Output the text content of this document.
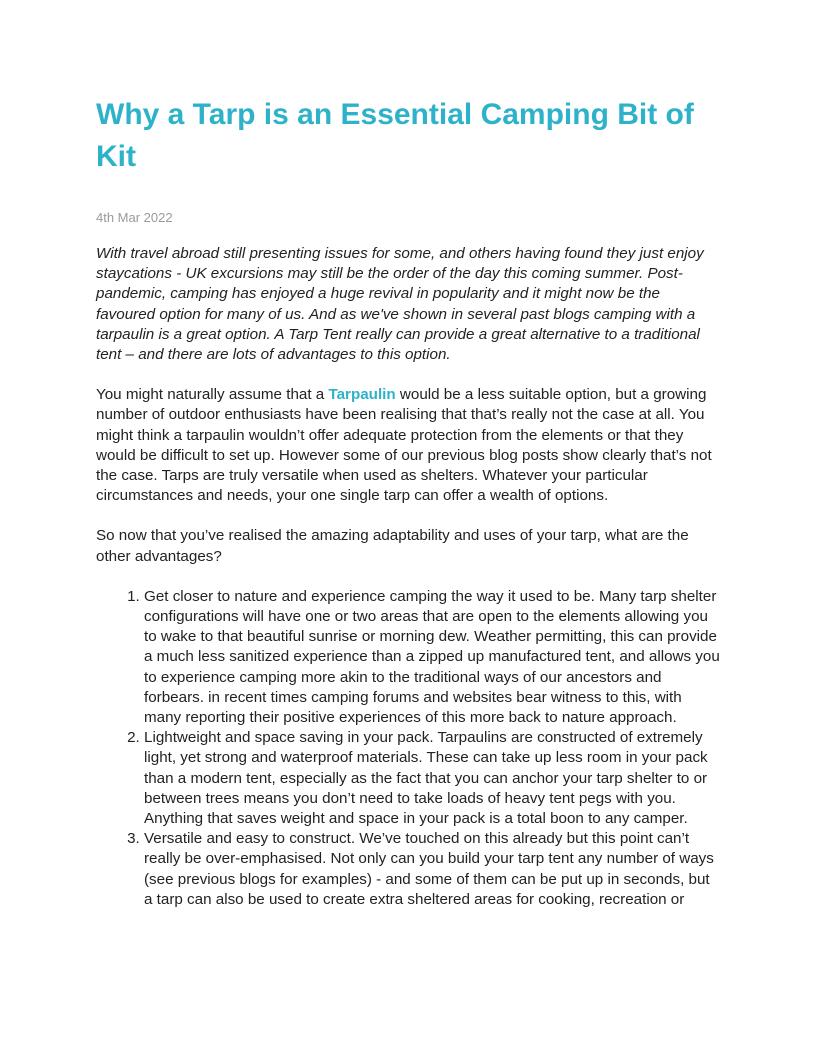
Why a Tarp is an Essential Camping Bit of Kit
4th Mar 2022

With travel abroad still presenting issues for some, and others having found they just enjoy staycations - UK excursions may still be the order of the day this coming summer. Post-pandemic, camping has enjoyed a huge revival in popularity and it might now be the favoured option for many of us. And as we've shown in several past blogs camping with a tarpaulin is a great option. A Tarp Tent really can provide a great alternative to a traditional tent – and there are lots of advantages to this option.

You might naturally assume that a Tarpaulin would be a less suitable option, but a growing number of outdoor enthusiasts have been realising that that’s really not the case at all. You might think a tarpaulin wouldn’t offer adequate protection from the elements or that they would be difficult to set up. However some of our previous blog posts show clearly that’s not the case. Tarps are truly versatile when used as shelters. Whatever your particular circumstances and needs, your one single tarp can offer a wealth of options.

So now that you’ve realised the amazing adaptability and uses of your tarp, what are the other advantages?

1. Get closer to nature and experience camping the way it used to be. Many tarp shelter configurations will have one or two areas that are open to the elements allowing you to wake to that beautiful sunrise or morning dew. Weather permitting, this can provide a much less sanitized experience than a zipped up manufactured tent, and allows you to experience camping more akin to the traditional ways of our ancestors and forbears. in recent times camping forums and websites bear witness to this, with many reporting their positive experiences of this more back to nature approach.
2. Lightweight and space saving in your pack. Tarpaulins are constructed of extremely light, yet strong and waterproof materials. These can take up less room in your pack than a modern tent, especially as the fact that you can anchor your tarp shelter to or between trees means you don’t need to take loads of heavy tent pegs with you. Anything that saves weight and space in your pack is a total boon to any camper.
3. Versatile and easy to construct. We’ve touched on this already but this point can’t really be over-emphasised. Not only can you build your tarp tent any number of ways (see previous blogs for examples) - and some of them can be put up in seconds, but a tarp can also be used to create extra sheltered areas for cooking, recreation or
